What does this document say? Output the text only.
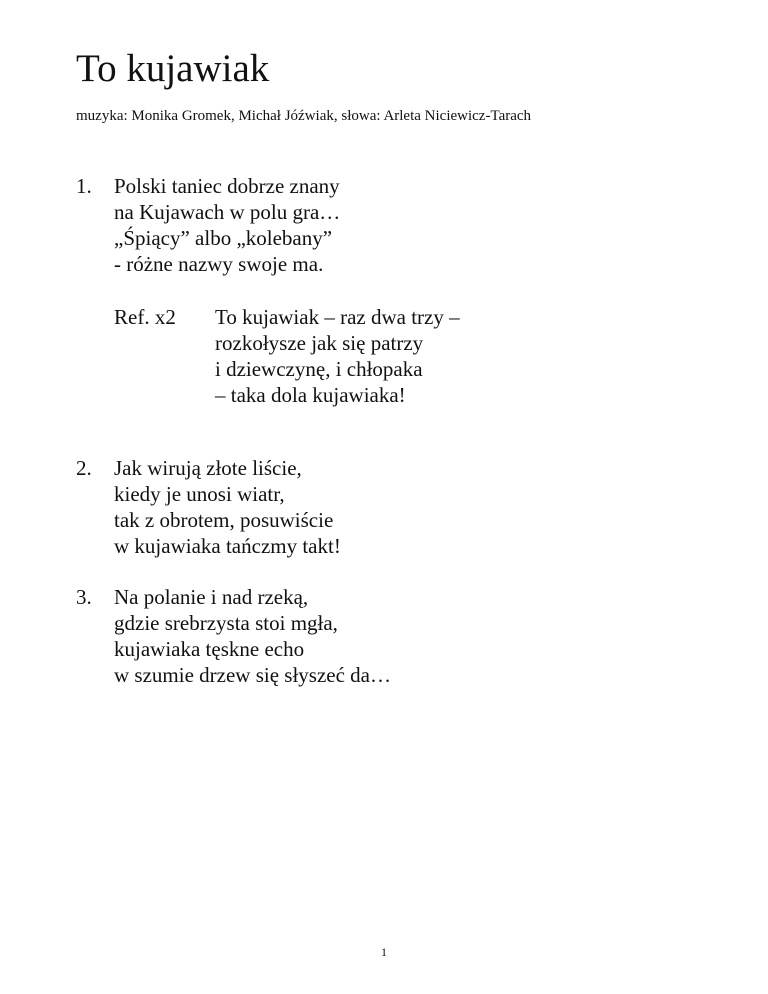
To kujawiak

muzyka: Monika Gromek, Michał Jóźwiak, słowa: Arleta Niciewicz-Tarach

1. Polski taniec dobrze znany
na Kujawach w polu gra…
„Śpiący” albo „kolebany”
- różne nazwy swoje ma.
Ref. x2 To kujawiak – raz dwa trzy –
rozkołysze jak się patrzy
i dziewczynę, i chłopaka
– taka dola kujawiaka!
2. Jak wirują złote liście,
kiedy je unosi wiatr,
tak z obrotem, posuwiście
w kujawiaka tańczmy takt!
3. Na polanie i nad rzeką,
gdzie srebrzysta stoi mgła,
kujawiaka tęskne echo
w szumie drzew się słyszeć da…
1
